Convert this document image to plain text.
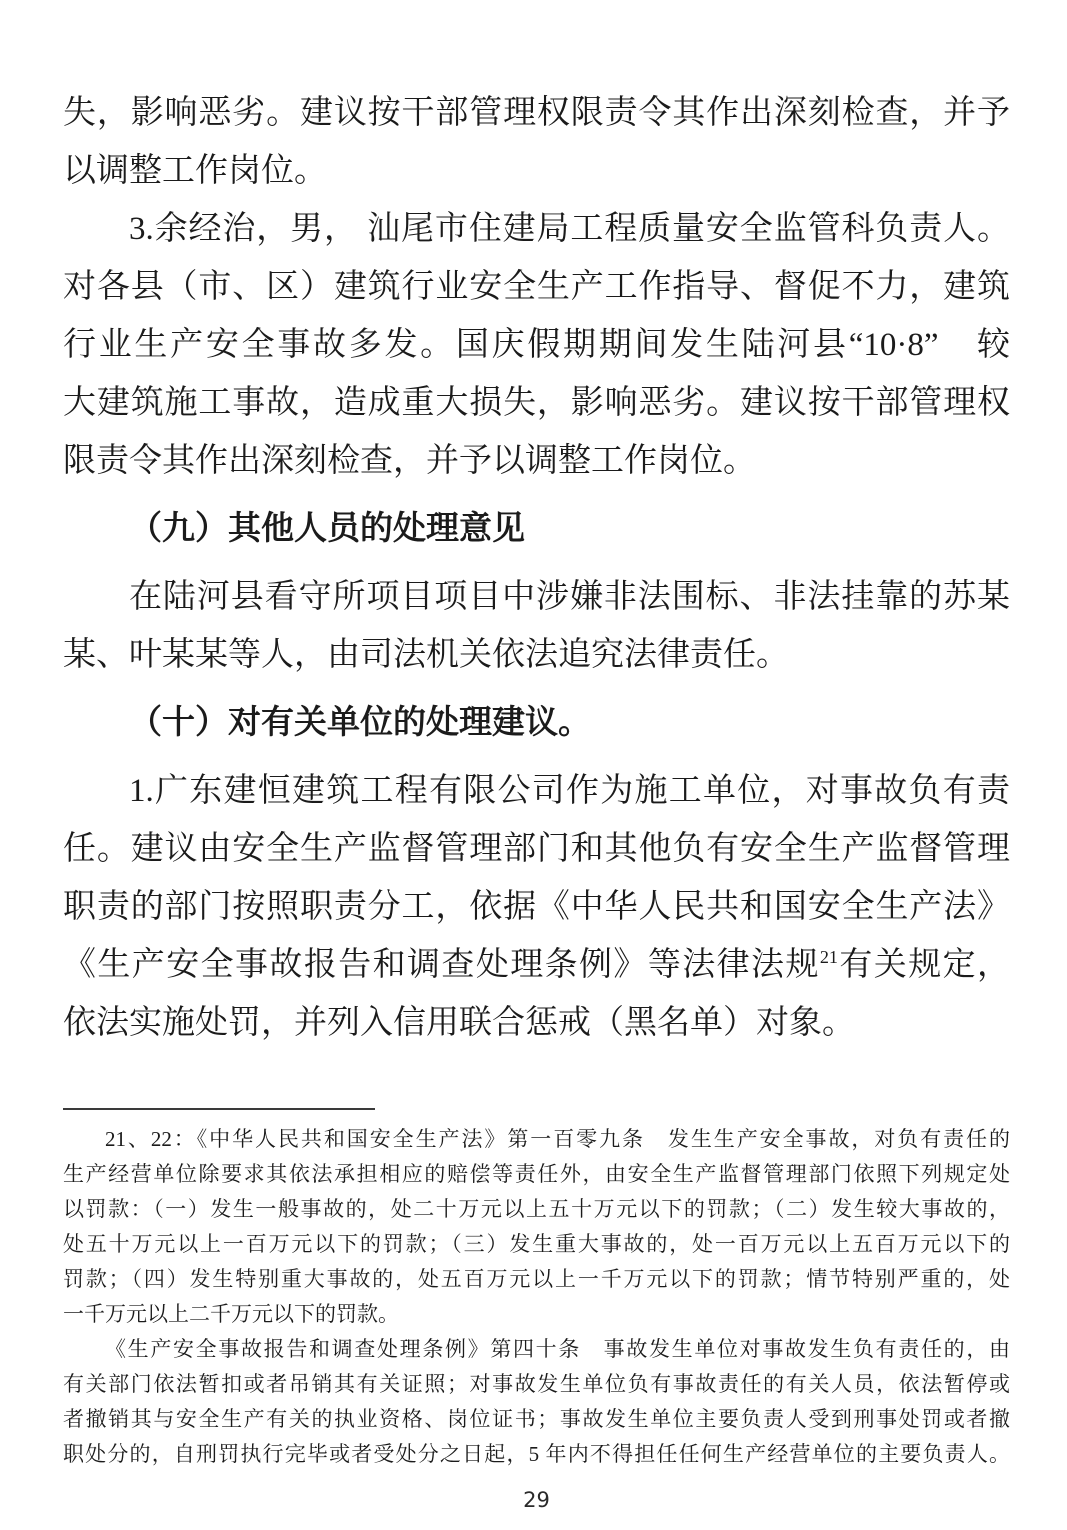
失，影响恶劣。建议按干部管理权限责令其作出深刻检查，并予
以调整工作岗位。
3.余经治，男， 汕尾市住建局工程质量安全监管科负责人。
对各县（市、区）建筑行业安全生产工作指导、督促不力，建筑
行业生产安全事故多发。国庆假期期间发生陆河县“10·8”　较
大建筑施工事故，造成重大损失，影响恶劣。建议按干部管理权
限责令其作出深刻检查，并予以调整工作岗位。
（九）其他人员的处理意见
在陆河县看守所项目项目中涉嫌非法围标、非法挂靠的苏某
某、叶某某等人，由司法机关依法追究法律责任。
（十）对有关单位的处理建议。
1.广东建恒建筑工程有限公司作为施工单位，对事故负有责
任。建议由安全生产监督管理部门和其他负有安全生产监督管理
职责的部门按照职责分工，依据《中华人民共和国安全生产法》
《生产安全事故报告和调查处理条例》等法律法规$^{21}$有关规定，
依法实施处罚，并列入信用联合惩戒（黑名单）对象。
21、22：《中华人民共和国安全生产法》第一百零九条　发生生产安全事故，对负有责任的
生产经营单位除要求其依法承担相应的赔偿等责任外，由安全生产监督管理部门依照下列规定处
以罚款：（一）发生一般事故的，处二十万元以上五十万元以下的罚款；（二）发生较大事故的，
处五十万元以上一百万元以下的罚款；（三）发生重大事故的，处一百万元以上五百万元以下的
罚款；（四）发生特别重大事故的，处五百万元以上一千万元以下的罚款；情节特别严重的，处
一千万元以上二千万元以下的罚款。
《生产安全事故报告和调查处理条例》第四十条　事故发生单位对事故发生负有责任的，由
有关部门依法暂扣或者吊销其有关证照；对事故发生单位负有事故责任的有关人员，依法暂停或
者撤销其与安全生产有关的执业资格、岗位证书；事故发生单位主要负责人受到刑事处罚或者撤
职处分的，自刑罚执行完毕或者受处分之日起，5 年内不得担任任何生产经营单位的主要负责人。
29
